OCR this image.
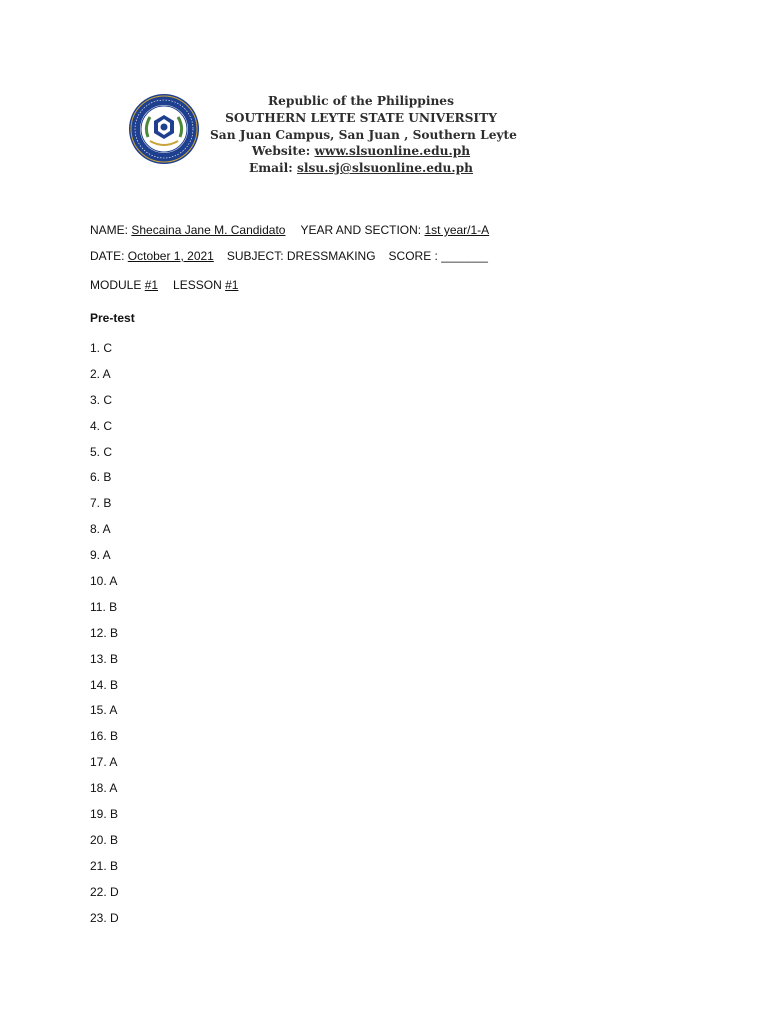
Republic of the Philippines
SOUTHERN LEYTE STATE UNIVERSITY
San Juan Campus, San Juan , Southern Leyte
Website: www.slsuonline.edu.ph
Email: slsu.sj@slsuonline.edu.ph
NAME: Shecaina Jane M. Candidato YEAR AND SECTION: 1st year/1-A
DATE: October 1, 2021 SUBJECT: DRESSMAKING SCORE : _______
MODULE #1 LESSON #1
Pre-test
1. C
2. A
3. C
4. C
5. C
6. B
7. B
8. A
9. A
10. A
11. B
12. B
13. B
14. B
15. A
16. B
17. A
18. A
19. B
20. B
21. B
22. D
23. D
